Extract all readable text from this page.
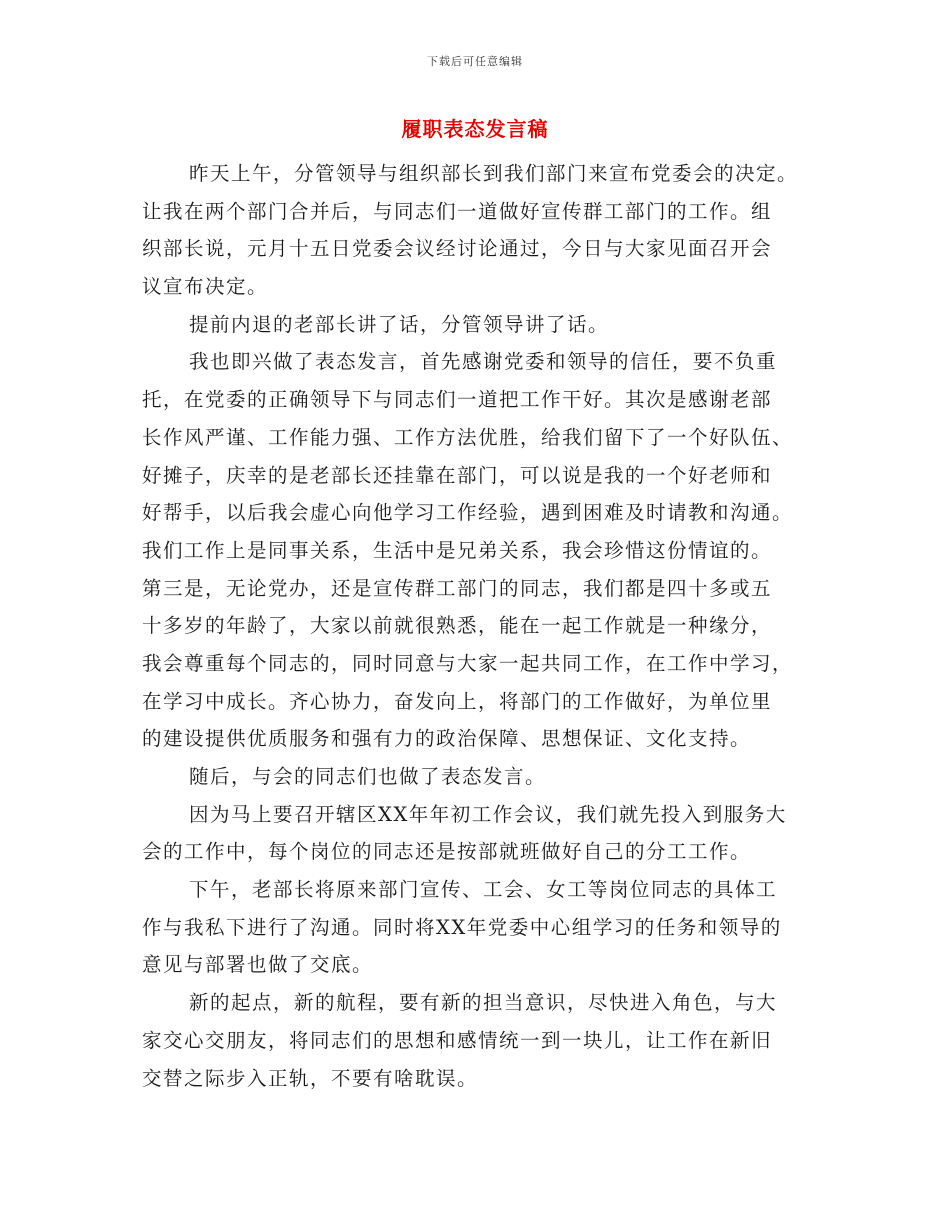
下载后可任意编辑
履职表态发言稿
昨天上午，分管领导与组织部长到我们部门来宣布党委会的决定。
让我在两个部门合并后，与同志们一道做好宣传群工部门的工作。组
织部长说，元月十五日党委会议经讨论通过，今日与大家见面召开会
议宣布决定。
提前内退的老部长讲了话，分管领导讲了话。
我也即兴做了表态发言，首先感谢党委和领导的信任，要不负重
托，在党委的正确领导下与同志们一道把工作干好。其次是感谢老部
长作风严谨、工作能力强、工作方法优胜，给我们留下了一个好队伍、
好摊子，庆幸的是老部长还挂靠在部门，可以说是我的一个好老师和
好帮手，以后我会虚心向他学习工作经验，遇到困难及时请教和沟通。
我们工作上是同事关系，生活中是兄弟关系，我会珍惜这份情谊的。
第三是，无论党办，还是宣传群工部门的同志，我们都是四十多或五
十多岁的年龄了，大家以前就很熟悉，能在一起工作就是一种缘分，
我会尊重每个同志的，同时同意与大家一起共同工作，在工作中学习，
在学习中成长。齐心协力，奋发向上，将部门的工作做好，为单位里
的建设提供优质服务和强有力的政治保障、思想保证、文化支持。
随后，与会的同志们也做了表态发言。
因为马上要召开辖区XX年年初工作会议，我们就先投入到服务大
会的工作中，每个岗位的同志还是按部就班做好自己的分工工作。
下午，老部长将原来部门宣传、工会、女工等岗位同志的具体工
作与我私下进行了沟通。同时将XX年党委中心组学习的任务和领导的
意见与部署也做了交底。
新的起点，新的航程，要有新的担当意识，尽快进入角色，与大
家交心交朋友，将同志们的思想和感情统一到一块儿，让工作在新旧
交替之际步入正轨，不要有啥耽误。
